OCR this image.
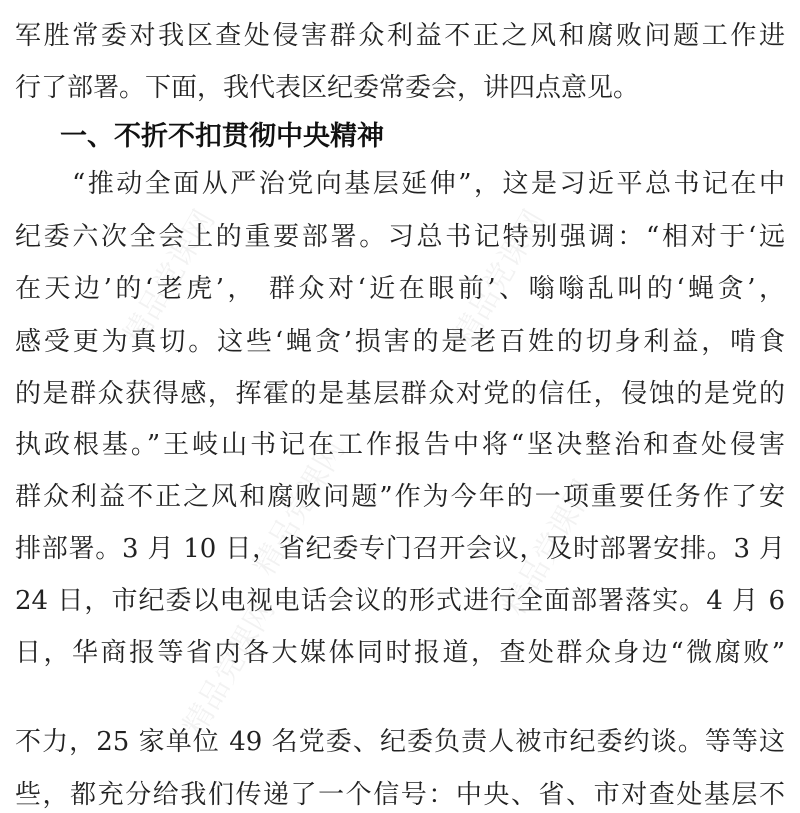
精品党课网	精品党课网
精品党课网
精品党课网
精品党课网
军胜常委对我区查处侵害群众利益不正之风和腐败问题工作进
行了部署。下面，我代表区纪委常委会，讲四点意见。
一、不折不扣贯彻中央精神
　　“推动全面从严治党向基层延伸”，这是习近平总书记在中
纪委六次全会上的重要部署。习总书记特别强调：“相对于‘远
在天边’的‘老虎’， 群众对‘近在眼前’、嗡嗡乱叫的‘蝇贪’，
感受更为真切。这些‘蝇贪’损害的是老百姓的切身利益，啃食
的是群众获得感，挥霍的是基层群众对党的信任，侵蚀的是党的
执政根基。”王岐山书记在工作报告中将“坚决整治和查处侵害
群众利益不正之风和腐败问题”作为今年的一项重要任务作了安
排部署。3 月 10 日，省纪委专门召开会议，及时部署安排。3 月
24 日，市纪委以电视电话会议的形式进行全面部署落实。4 月 6
日，华商报等省内各大媒体同时报道，查处群众身边“微腐败”
不力，25 家单位 49 名党委、纪委负责人被市纪委约谈。等等这
些，都充分给我们传递了一个信号：中央、省、市对查处基层不
